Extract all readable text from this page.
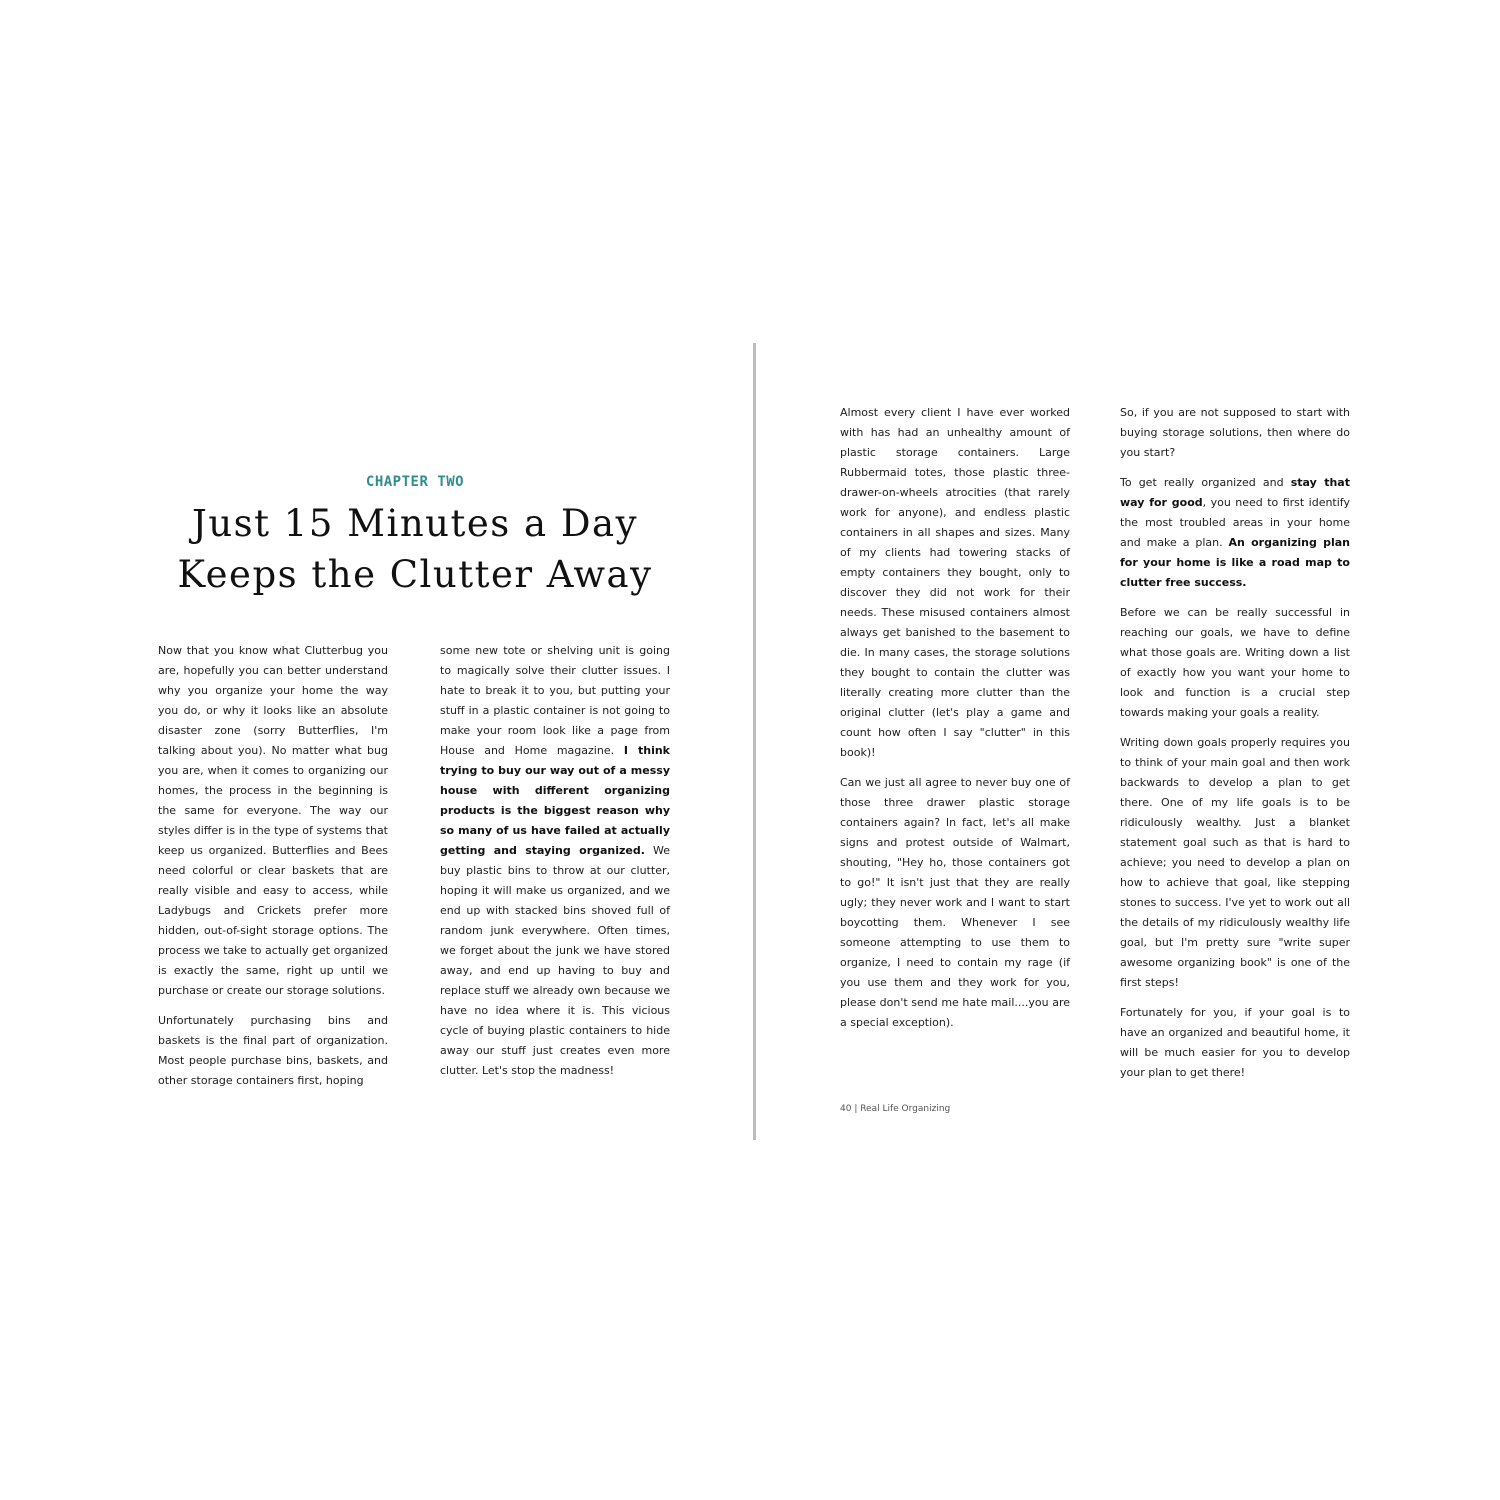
CHAPTER TWO
Just 15 Minutes a Day
Keeps the Clutter Away

Now that you know what Clutterbug you are, hopefully you can better understand why you organize your home the way you do, or why it looks like an absolute disaster zone (sorry Butterflies, I'm talking about you). No matter what bug you are, when it comes to organizing our homes, the process in the beginning is the same for everyone. The way our styles differ is in the type of systems that keep us organized. Butterflies and Bees need colorful or clear baskets that are really visible and easy to access, while Ladybugs and Crickets prefer more hidden, out-of-sight storage options. The process we take to actually get organized is exactly the same, right up until we purchase or create our storage solutions.

Unfortunately purchasing bins and baskets is the final part of organization. Most people purchase bins, baskets, and other storage containers first, hoping

some new tote or shelving unit is going to magically solve their clutter issues. I hate to break it to you, but putting your stuff in a plastic container is not going to make your room look like a page from House and Home magazine. I think trying to buy our way out of a messy house with different organizing products is the biggest reason why so many of us have failed at actually getting and staying organized. We buy plastic bins to throw at our clutter, hoping it will make us organized, and we end up with stacked bins shoved full of random junk everywhere. Often times, we forget about the junk we have stored away, and end up having to buy and replace stuff we already own because we have no idea where it is. This vicious cycle of buying plastic containers to hide away our stuff just creates even more clutter. Let's stop the madness!

Almost every client I have ever worked with has had an unhealthy amount of plastic storage containers. Large Rubbermaid totes, those plastic three-drawer-on-wheels atrocities (that rarely work for anyone), and endless plastic containers in all shapes and sizes. Many of my clients had towering stacks of empty containers they bought, only to discover they did not work for their needs. These misused containers almost always get banished to the basement to die. In many cases, the storage solutions they bought to contain the clutter was literally creating more clutter than the original clutter (let's play a game and count how often I say "clutter" in this book)!

Can we just all agree to never buy one of those three drawer plastic storage containers again? In fact, let's all make signs and protest outside of Walmart, shouting, "Hey ho, those containers got to go!" It isn't just that they are really ugly; they never work and I want to start boycotting them. Whenever I see someone attempting to use them to organize, I need to contain my rage (if you use them and they work for you, please don't send me hate mail....you are a special exception).

So, if you are not supposed to start with buying storage solutions, then where do you start?

To get really organized and stay that way for good, you need to first identify the most troubled areas in your home and make a plan. An organizing plan for your home is like a road map to clutter free success.

Before we can be really successful in reaching our goals, we have to define what those goals are. Writing down a list of exactly how you want your home to look and function is a crucial step towards making your goals a reality.

Writing down goals properly requires you to think of your main goal and then work backwards to develop a plan to get there. One of my life goals is to be ridiculously wealthy. Just a blanket statement goal such as that is hard to achieve; you need to develop a plan on how to achieve that goal, like stepping stones to success. I've yet to work out all the details of my ridiculously wealthy life goal, but I'm pretty sure "write super awesome organizing book" is one of the first steps!

Fortunately for you, if your goal is to have an organized and beautiful home, it will be much easier for you to develop your plan to get there!

40 | Real Life Organizing
